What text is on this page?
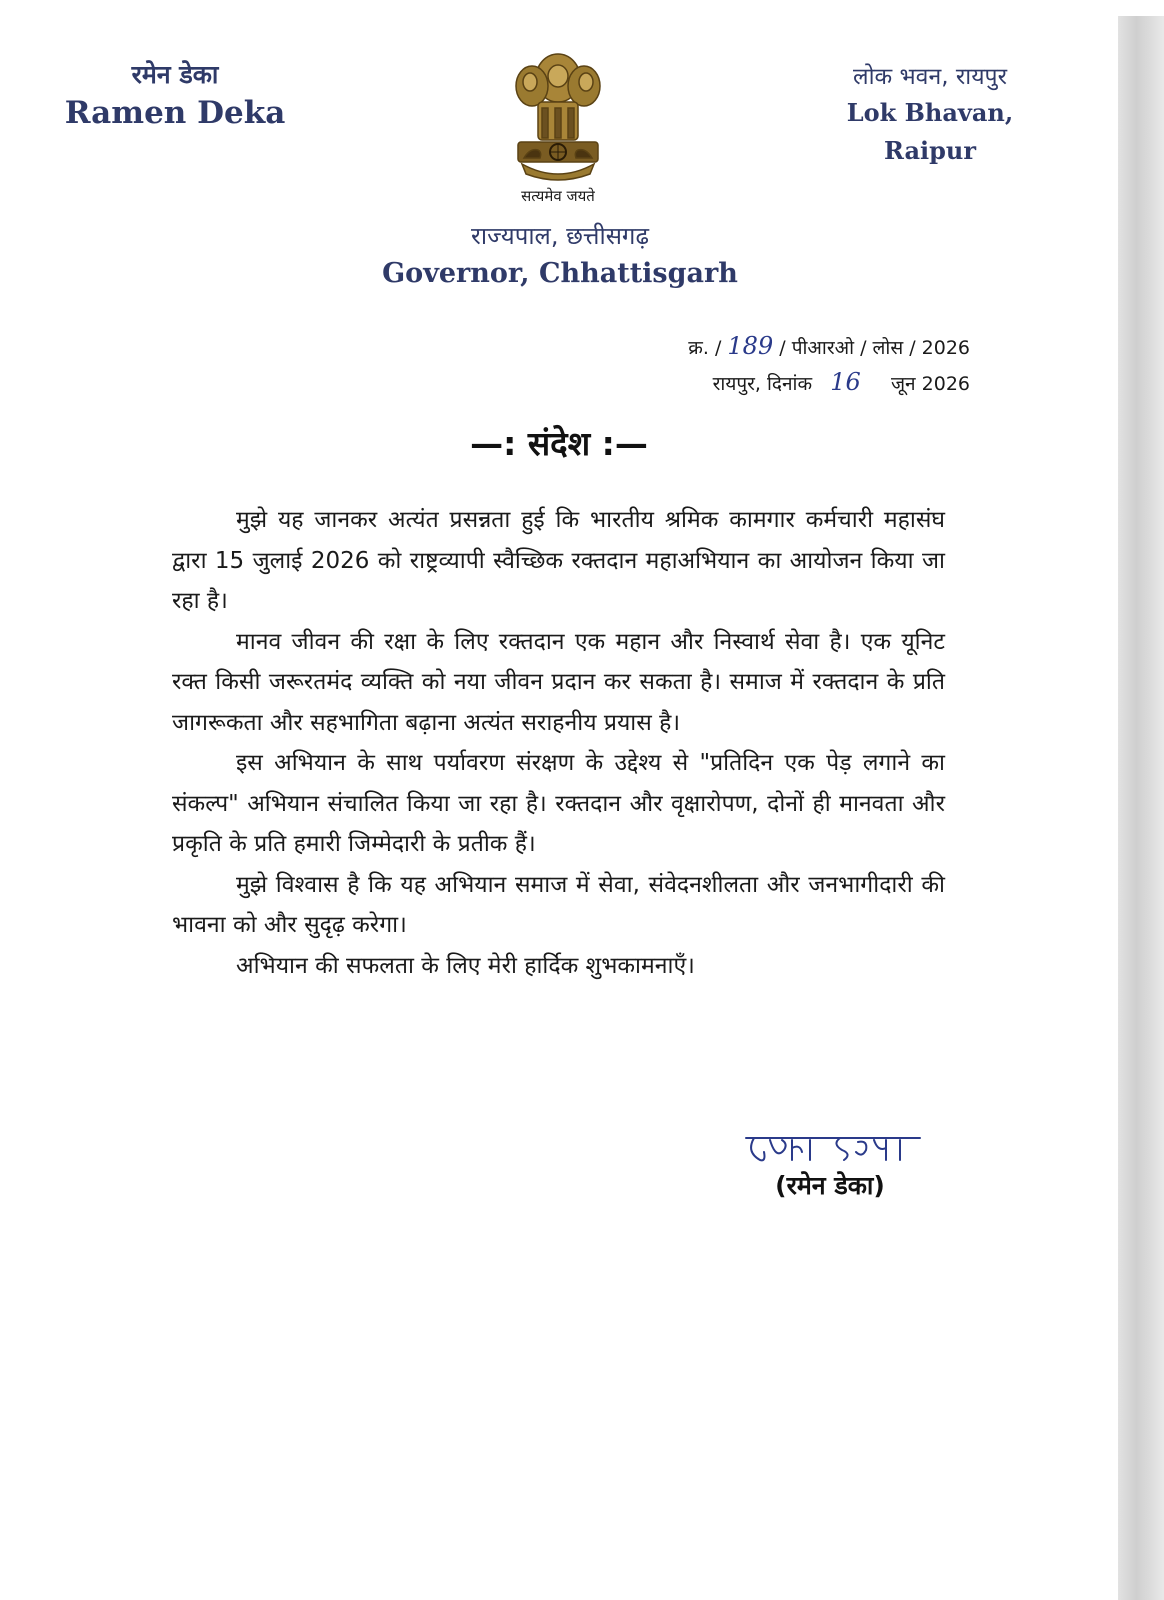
रमेन डेका
Ramen Deka
सत्यमेव जयते
लोक भवन, रायपुर
Lok Bhavan, Raipur
राज्यपाल, छत्तीसगढ़
Governor, Chhattisgarh
क्र. / 189 / पीआरओ / लोस / 2026
रायपुर, दिनांक 16 जून 2026
—: संदेश :—

मुझे यह जानकर अत्यंत प्रसन्नता हुई कि भारतीय श्रमिक कामगार कर्मचारी महासंघ द्वारा 15 जुलाई 2026 को राष्ट्रव्यापी स्वैच्छिक रक्तदान महाअभियान का आयोजन किया जा रहा है।

मानव जीवन की रक्षा के लिए रक्तदान एक महान और निस्वार्थ सेवा है। एक यूनिट रक्त किसी जरूरतमंद व्यक्ति को नया जीवन प्रदान कर सकता है। समाज में रक्तदान के प्रति जागरूकता और सहभागिता बढ़ाना अत्यंत सराहनीय प्रयास है।

इस अभियान के साथ पर्यावरण संरक्षण के उद्देश्य से "प्रतिदिन एक पेड़ लगाने का संकल्प" अभियान संचालित किया जा रहा है। रक्तदान और वृक्षारोपण, दोनों ही मानवता और प्रकृति के प्रति हमारी जिम्मेदारी के प्रतीक हैं।

मुझे विश्वास है कि यह अभियान समाज में सेवा, संवेदनशीलता और जनभागीदारी की भावना को और सुदृढ़ करेगा।

अभियान की सफलता के लिए मेरी हार्दिक शुभकामनाएँ।

(रमेन डेका)
